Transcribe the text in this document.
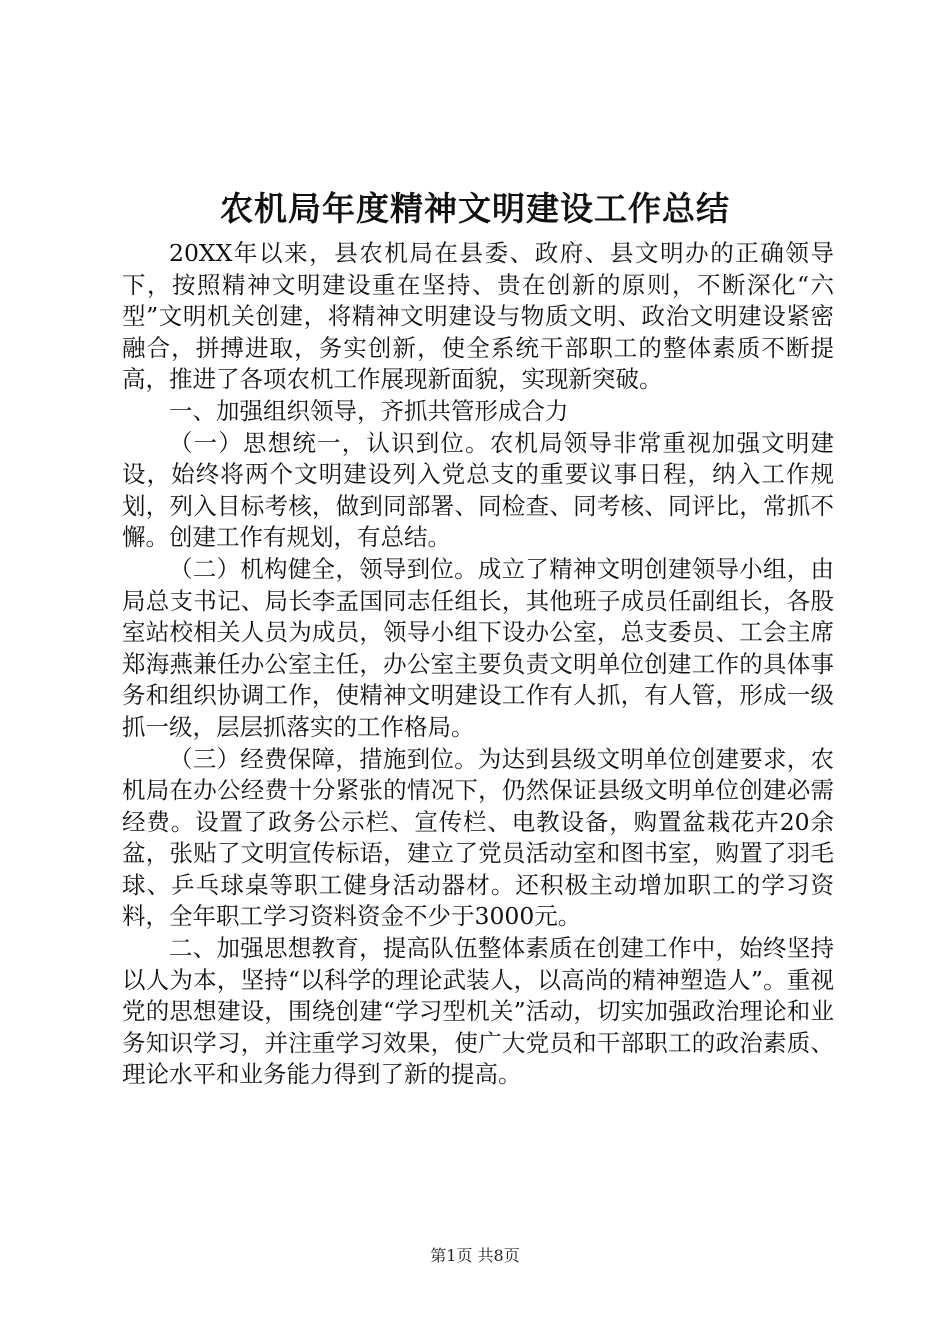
农机局年度精神文明建设工作总结

20XX年以来，县农机局在县委、政府、县文明办的正确领导下，按照精神文明建设重在坚持、贵在创新的原则，不断深化“六型”文明机关创建，将精神文明建设与物质文明、政治文明建设紧密融合，拼搏进取，务实创新，使全系统干部职工的整体素质不断提高，推进了各项农机工作展现新面貌，实现新突破。

一、加强组织领导，齐抓共管形成合力

（一）思想统一，认识到位。农机局领导非常重视加强文明建设，始终将两个文明建设列入党总支的重要议事日程，纳入工作规划，列入目标考核，做到同部署、同检查、同考核、同评比，常抓不懈。创建工作有规划，有总结。

（二）机构健全，领导到位。成立了精神文明创建领导小组，由局总支书记、局长李孟国同志任组长，其他班子成员任副组长，各股室站校相关人员为成员，领导小组下设办公室，总支委员、工会主席郑海燕兼任办公室主任，办公室主要负责文明单位创建工作的具体事务和组织协调工作，使精神文明建设工作有人抓，有人管，形成一级抓一级，层层抓落实的工作格局。

（三）经费保障，措施到位。为达到县级文明单位创建要求，农机局在办公经费十分紧张的情况下，仍然保证县级文明单位创建必需经费。设置了政务公示栏、宣传栏、电教设备，购置盆栽花卉20余盆，张贴了文明宣传标语，建立了党员活动室和图书室，购置了羽毛球、乒乓球桌等职工健身活动器材。还积极主动增加职工的学习资料，全年职工学习资料资金不少于3000元。

二、加强思想教育，提高队伍整体素质在创建工作中，始终坚持以人为本，坚持“以科学的理论武装人，以高尚的精神塑造人”。重视党的思想建设，围绕创建“学习型机关”活动，切实加强政治理论和业务知识学习，并注重学习效果，使广大党员和干部职工的政治素质、理论水平和业务能力得到了新的提高。

第1页 共8页
